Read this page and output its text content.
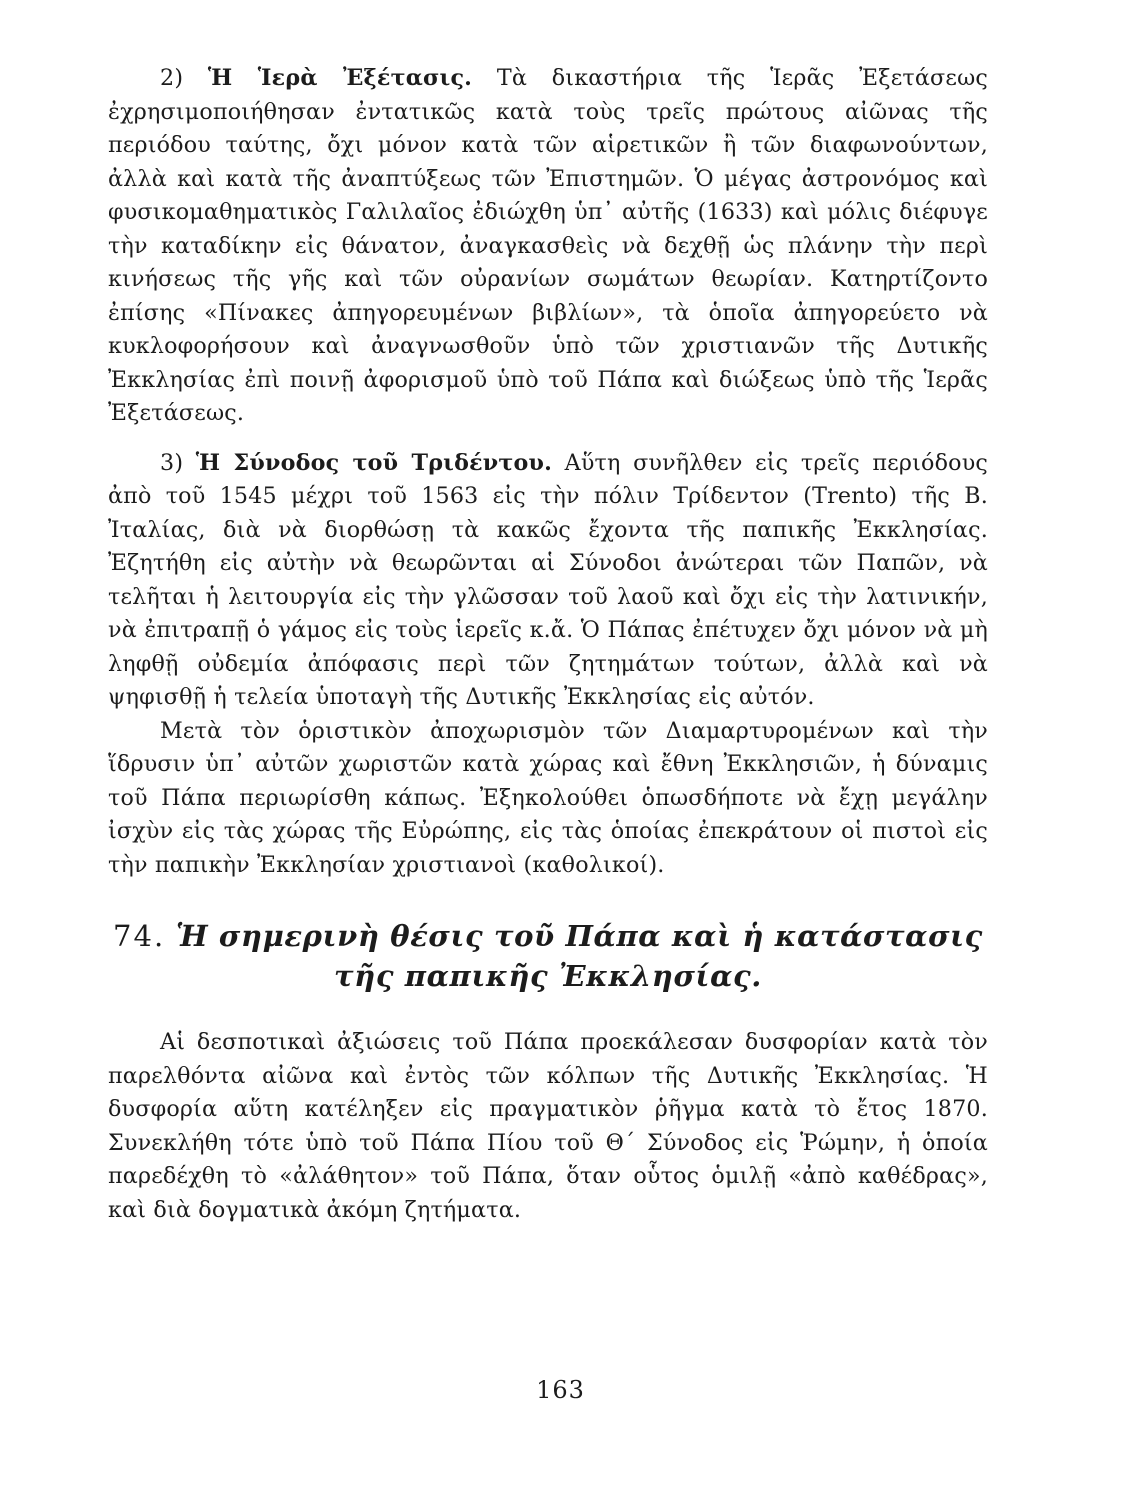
2) Ἡ Ἱερὰ Ἐξέτασις. Τὰ δικαστήρια τῆς Ἱερᾶς Ἐξετάσεως ἐχρησιμοποιήθησαν ἐντατικῶς κατὰ τοὺς τρεῖς πρώτους αἰῶνας τῆς περιόδου ταύτης, ὄχι μόνον κατὰ τῶν αἱρετικῶν ἢ τῶν διαφωνούντων, ἀλλὰ καὶ κατὰ τῆς ἀναπτύξεως τῶν Ἐπιστημῶν. Ὁ μέγας ἀστρονόμος καὶ φυσικομαθηματικὸς Γαλιλαῖος ἐδιώχθη ὑπ᾽ αὐτῆς (1633) καὶ μόλις διέφυγε τὴν καταδίκην εἰς θάνατον, ἀναγκασθεὶς νὰ δεχθῇ ὡς πλάνην τὴν περὶ κινήσεως τῆς γῆς καὶ τῶν οὐρανίων σωμάτων θεωρίαν. Κατηρτίζοντο ἐπίσης «Πίνακες ἀπηγορευμένων βιβλίων», τὰ ὁποῖα ἀπηγορεύετο νὰ κυκλοφορήσουν καὶ ἀναγνωσθοῦν ὑπὸ τῶν χριστιανῶν τῆς Δυτικῆς Ἐκκλησίας ἐπὶ ποινῇ ἀφορισμοῦ ὑπὸ τοῦ Πάπα καὶ διώξεως ὑπὸ τῆς Ἱερᾶς Ἐξετάσεως.

3) Ἡ Σύνοδος τοῦ Τριδέντου. Αὕτη συνῆλθεν εἰς τρεῖς περιόδους ἀπὸ τοῦ 1545 μέχρι τοῦ 1563 εἰς τὴν πόλιν Τρίδεντον (Trento) τῆς Β. Ἰταλίας, διὰ νὰ διορθώσῃ τὰ κακῶς ἔχοντα τῆς παπικῆς Ἐκκλησίας. Ἐζητήθη εἰς αὐτὴν νὰ θεωρῶνται αἱ Σύνοδοι ἀνώτεραι τῶν Παπῶν, νὰ τελῆται ἡ λειτουργία εἰς τὴν γλῶσσαν τοῦ λαοῦ καὶ ὄχι εἰς τὴν λατινικήν, νὰ ἐπιτραπῇ ὁ γάμος εἰς τοὺς ἱερεῖς κ.ἄ. Ὁ Πάπας ἐπέτυχεν ὄχι μόνον νὰ μὴ ληφθῇ οὐδεμία ἀπόφασις περὶ τῶν ζητημάτων τούτων, ἀλλὰ καὶ νὰ ψηφισθῇ ἡ τελεία ὑποταγὴ τῆς Δυτικῆς Ἐκκλησίας εἰς αὐτόν.

Μετὰ τὸν ὁριστικὸν ἀποχωρισμὸν τῶν Διαμαρτυρομένων καὶ τὴν ἵδρυσιν ὑπ᾽ αὐτῶν χωριστῶν κατὰ χώρας καὶ ἔθνη Ἐκκλησιῶν, ἡ δύναμις τοῦ Πάπα περιωρίσθη κάπως. Ἐξηκολούθει ὁπωσδήποτε νὰ ἔχῃ μεγάλην ἰσχὺν εἰς τὰς χώρας τῆς Εὐρώπης, εἰς τὰς ὁποίας ἐπεκράτουν οἱ πιστοὶ εἰς τὴν παπικὴν Ἐκκλησίαν χριστιανοὶ (καθολικοί).

74. Ἡ σημερινὴ θέσις τοῦ Πάπα καὶ ἡ κατάστασις
τῆς παπικῆς Ἐκκλησίας.

Αἱ δεσποτικαὶ ἀξιώσεις τοῦ Πάπα προεκάλεσαν δυσφορίαν κατὰ τὸν παρελθόντα αἰῶνα καὶ ἐντὸς τῶν κόλπων τῆς Δυτικῆς Ἐκκλησίας. Ἡ δυσφορία αὕτη κατέληξεν εἰς πραγματικὸν ῥῆγμα κατὰ τὸ ἔτος 1870. Συνεκλήθη τότε ὑπὸ τοῦ Πάπα Πίου τοῦ Θ΄ Σύνοδος εἰς Ῥώμην, ἡ ὁποία παρεδέχθη τὸ «ἀλάθητον» τοῦ Πάπα, ὅταν οὗτος ὁμιλῇ «ἀπὸ καθέδρας», καὶ διὰ δογματικὰ ἀκόμη ζητήματα.

163
